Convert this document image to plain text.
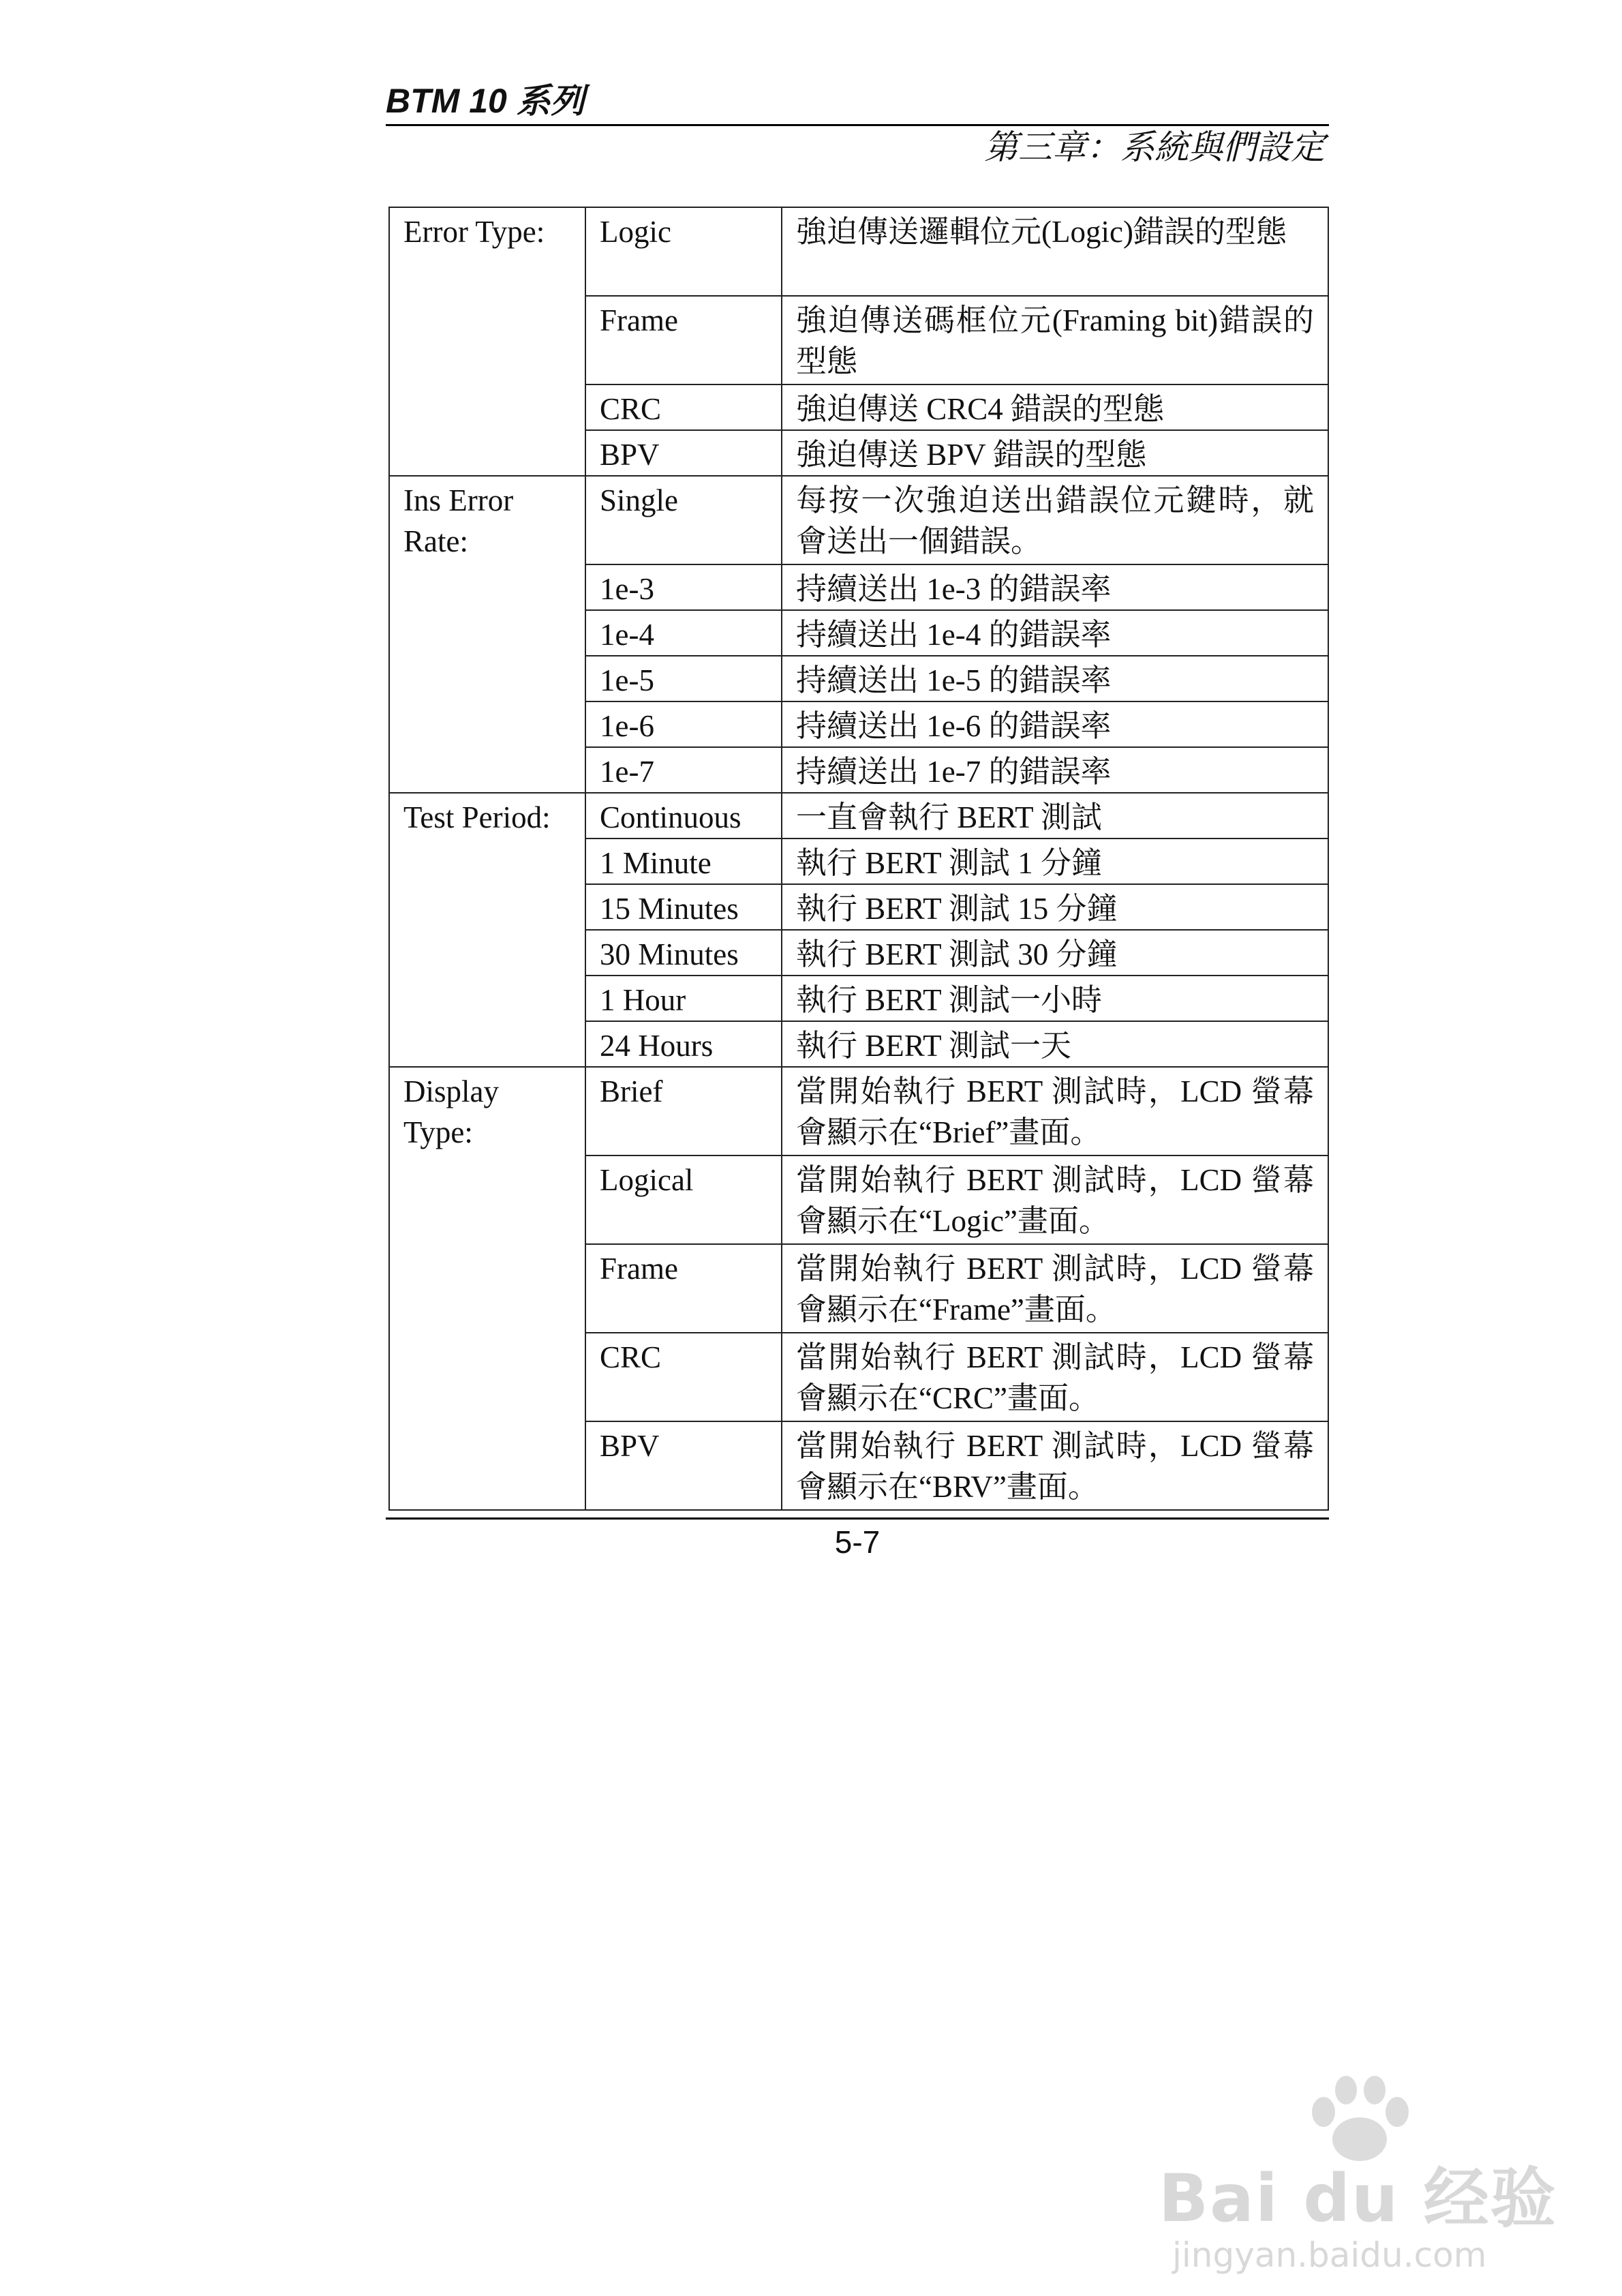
BTM 10 系列
第三章：系統與們設定
Error Type:	Logic	強迫傳送邏輯位元(Logic)錯誤的型態
	Frame	強迫傳送碼框位元(Framing bit)錯誤的型態
	CRC	強迫傳送 CRC4 錯誤的型態
	BPV	強迫傳送 BPV 錯誤的型態
Ins Error Rate:	Single	每按一次強迫送出錯誤位元鍵時，就會送出一個錯誤。
	1e-3	持續送出 1e-3 的錯誤率
	1e-4	持續送出 1e-4 的錯誤率
	1e-5	持續送出 1e-5 的錯誤率
	1e-6	持續送出 1e-6 的錯誤率
	1e-7	持續送出 1e-7 的錯誤率
Test Period:	Continuous	一直會執行 BERT 測試
	1 Minute	執行 BERT 測試 1 分鐘
	15 Minutes	執行 BERT 測試 15 分鐘
	30 Minutes	執行 BERT 測試 30 分鐘
	1 Hour	執行 BERT 測試一小時
	24 Hours	執行 BERT 測試一天
Display Type:	Brief	當開始執行 BERT 測試時，LCD 螢幕會顯示在“Brief”畫面。
	Logical	當開始執行 BERT 測試時，LCD 螢幕會顯示在“Logic”畫面。
	Frame	當開始執行 BERT 測試時，LCD 螢幕會顯示在“Frame”畫面。
	CRC	當開始執行 BERT 測試時，LCD 螢幕會顯示在“CRC”畫面。
	BPV	當開始執行 BERT 測試時，LCD 螢幕會顯示在“BRV”畫面。
5-7
Bai du 经验
jingyan.baidu.com
